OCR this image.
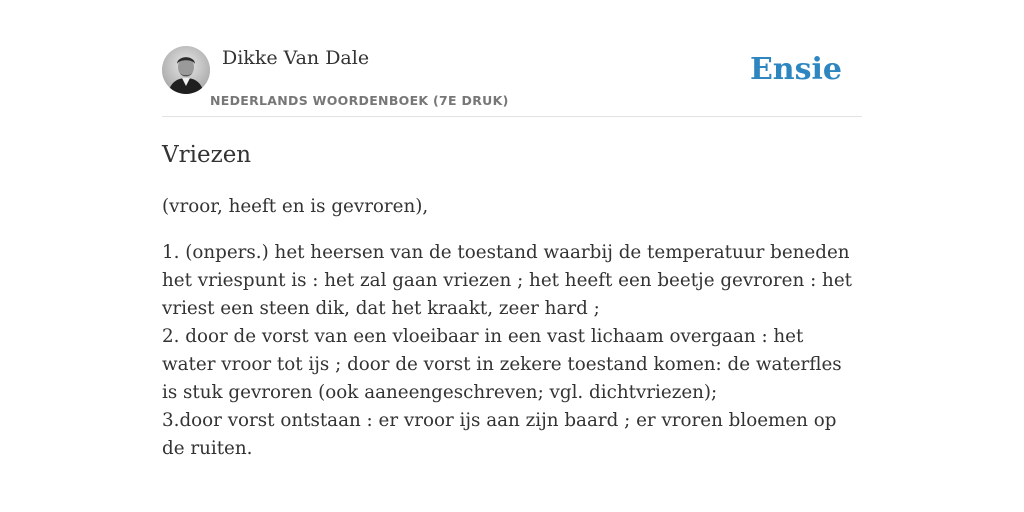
Dikke Van Dale
NEDERLANDS WOORDENBOEK (7E DRUK)
Ensie
Vriezen

(vroor, heeft en is gevroren),

1. (onpers.) het heersen van de toestand waarbij de temperatuur beneden het vriespunt is : het zal gaan vriezen ; het heeft een beetje gevroren : het vriest een steen dik, dat het kraakt, zeer hard ;

2. door de vorst van een vloeibaar in een vast lichaam overgaan : het water vroor tot ijs ; door de vorst in zekere toestand komen: de waterfles is stuk gevroren (ook aaneengeschreven; vgl. dichtvriezen);

3.door vorst ontstaan : er vroor ijs aan zijn baard ; er vroren bloemen op de ruiten.
